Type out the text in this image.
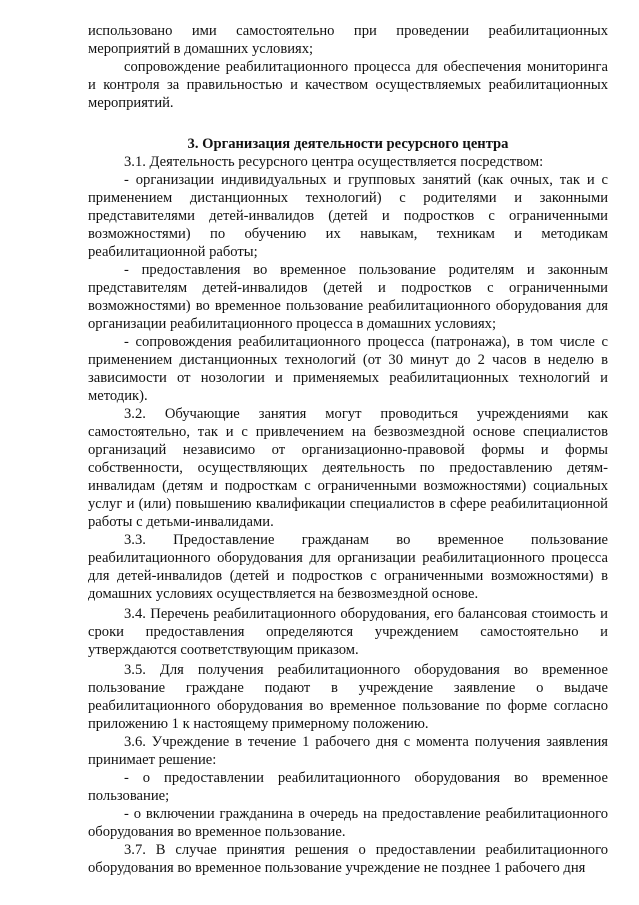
использовано ими самостоятельно при проведении реабилитационных мероприятий в домашних условиях;

сопровождение реабилитационного процесса для обеспечения мониторинга и контроля за правильностью и качеством осуществляемых реабилитационных мероприятий.

3. Организация деятельности ресурсного центра

3.1. Деятельность ресурсного центра осуществляется посредством:

- организации индивидуальных и групповых занятий (как очных, так и с применением дистанционных технологий) с родителями и законными представителями детей-инвалидов (детей и подростков с ограниченными возможностями) по обучению их навыкам, техникам и методикам реабилитационной работы;

- предоставления во временное пользование родителям и законным представителям детей-инвалидов (детей и подростков с ограниченными возможностями) во временное пользование реабилитационного оборудования для организации реабилитационного процесса в домашних условиях;

- сопровождения реабилитационного процесса (патронажа), в том числе с применением дистанционных технологий (от 30 минут до 2 часов в неделю в зависимости от нозологии и применяемых реабилитационных технологий и методик).

3.2. Обучающие занятия могут проводиться учреждениями как самостоятельно, так и с привлечением на безвозмездной основе специалистов организаций независимо от организационно-правовой формы и формы собственности, осуществляющих деятельность по предоставлению детям-инвалидам (детям и подросткам с ограниченными возможностями) социальных услуг и (или) повышению квалификации специалистов в сфере реабилитационной работы с детьми-инвалидами.

3.3. Предоставление гражданам во временное пользование реабилитационного оборудования для организации реабилитационного процесса для детей-инвалидов (детей и подростков с ограниченными возможностями) в домашних условиях осуществляется на безвозмездной основе.

3.4. Перечень реабилитационного оборудования, его балансовая стоимость и сроки предоставления определяются учреждением самостоятельно и утверждаются соответствующим приказом.

3.5. Для получения реабилитационного оборудования во временное пользование граждане подают в учреждение заявление о выдаче реабилитационного оборудования во временное пользование по форме согласно приложению 1 к настоящему примерному положению.

3.6. Учреждение в течение 1 рабочего дня с момента получения заявления принимает решение:

- о предоставлении реабилитационного оборудования во временное пользование;

- о включении гражданина в очередь на предоставление реабилитационного оборудования во временное пользование.

3.7. В случае принятия решения о предоставлении реабилитационного оборудования во временное пользование учреждение не позднее 1 рабочего дня
